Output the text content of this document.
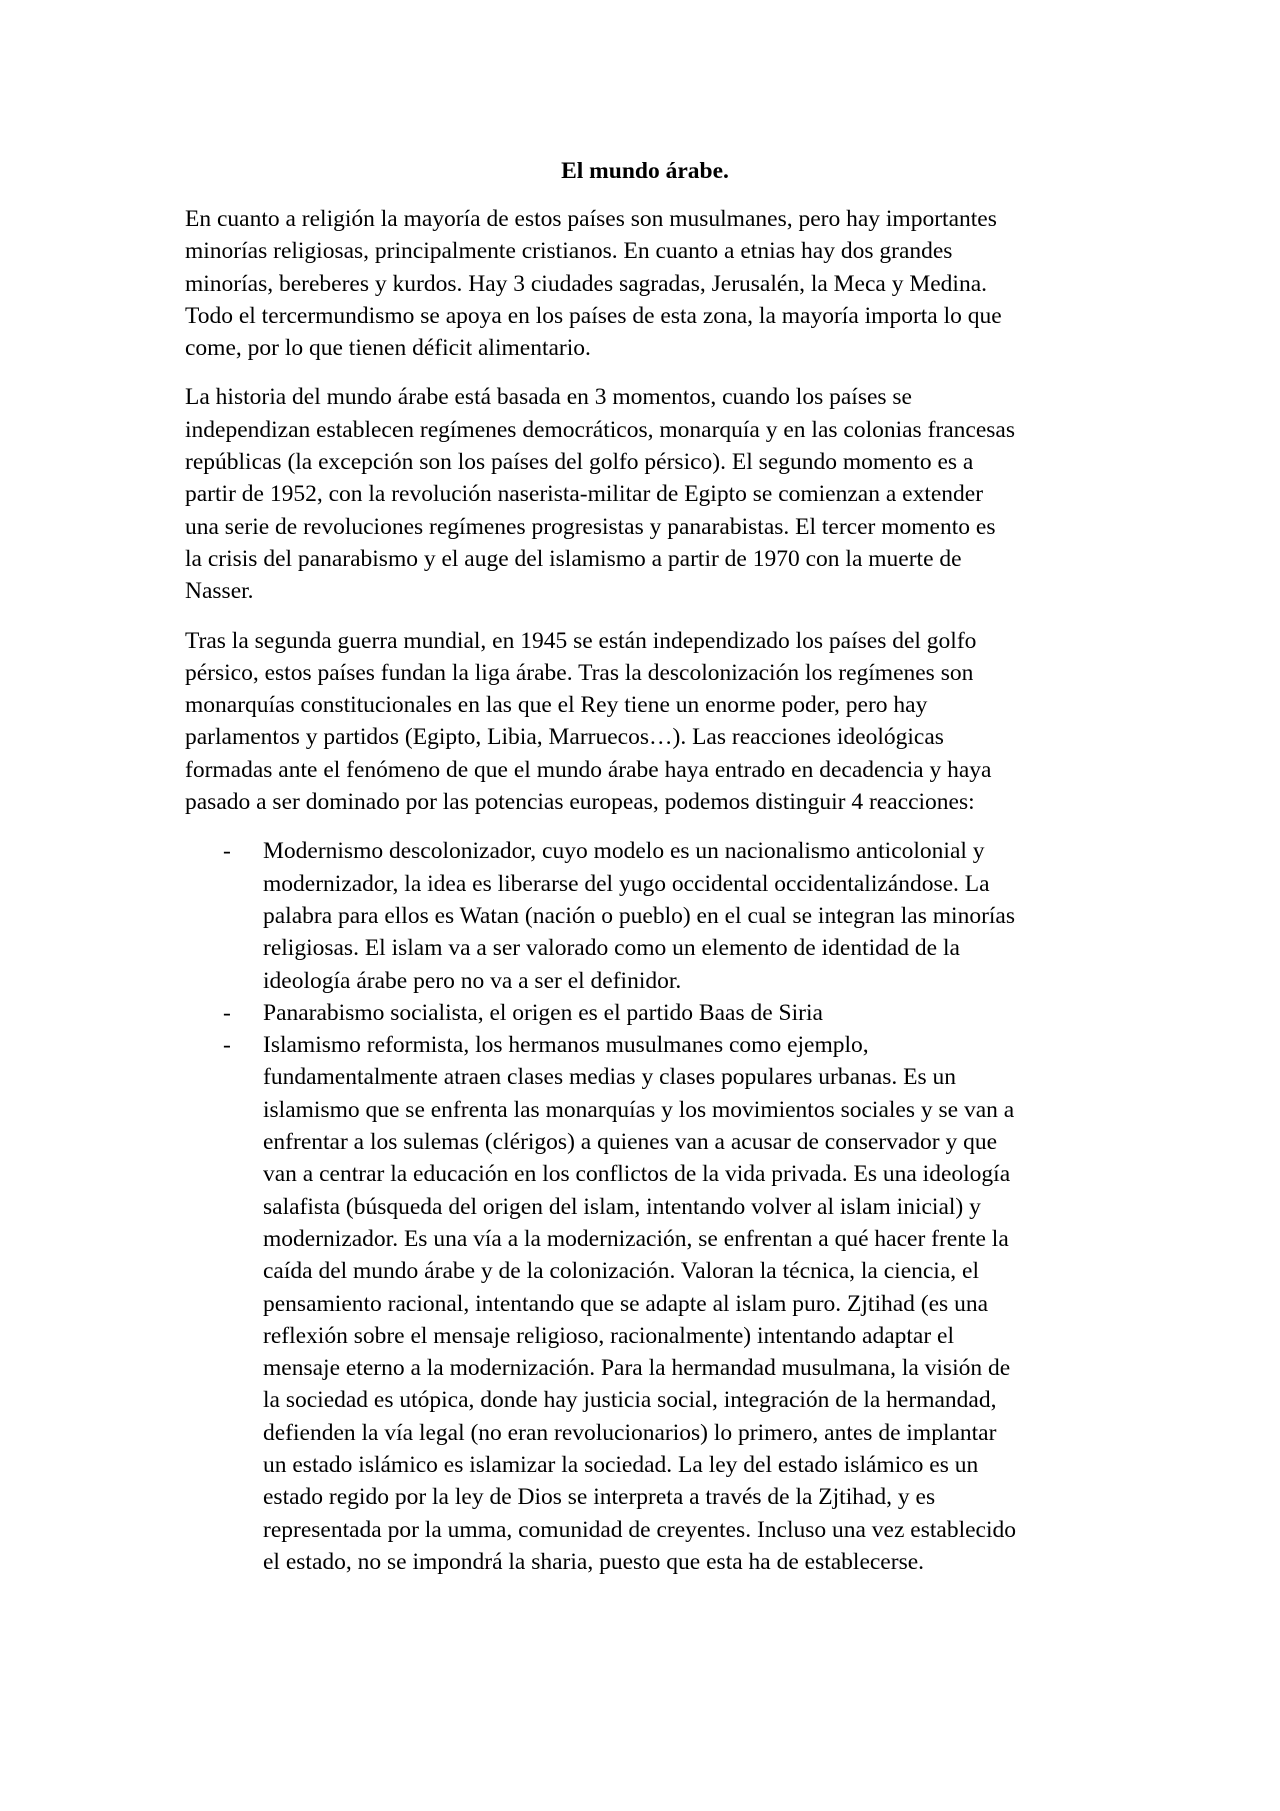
El mundo árabe.
En cuanto a religión la mayoría de estos países son musulmanes, pero hay importantes
minorías religiosas, principalmente cristianos. En cuanto a etnias hay dos grandes
minorías, bereberes y kurdos. Hay 3 ciudades sagradas, Jerusalén, la Meca y Medina.
Todo el tercermundismo se apoya en los países de esta zona, la mayoría importa lo que
come, por lo que tienen déficit alimentario.
La historia del mundo árabe está basada en 3 momentos, cuando los países se
independizan establecen regímenes democráticos, monarquía y en las colonias francesas
repúblicas (la excepción son los países del golfo pérsico). El segundo momento es a
partir de 1952, con la revolución naserista-militar de Egipto se comienzan a extender
una serie de revoluciones regímenes progresistas y panarabistas. El tercer momento es
la crisis del panarabismo y el auge del islamismo a partir de 1970 con la muerte de
Nasser.
Tras la segunda guerra mundial, en 1945 se están independizado los países del golfo
pérsico, estos países fundan la liga árabe. Tras la descolonización los regímenes son
monarquías constitucionales en las que el Rey tiene un enorme poder, pero hay
parlamentos y partidos (Egipto, Libia, Marruecos…). Las reacciones ideológicas
formadas ante el fenómeno de que el mundo árabe haya entrado en decadencia y haya
pasado a ser dominado por las potencias europeas, podemos distinguir 4 reacciones:
- Modernismo descolonizador, cuyo modelo es un nacionalismo anticolonial y
modernizador, la idea es liberarse del yugo occidental occidentalizándose. La
palabra para ellos es Watan (nación o pueblo) en el cual se integran las minorías
religiosas. El islam va a ser valorado como un elemento de identidad de la
ideología árabe pero no va a ser el definidor.
- Panarabismo socialista, el origen es el partido Baas de Siria
- Islamismo reformista, los hermanos musulmanes como ejemplo,
fundamentalmente atraen clases medias y clases populares urbanas. Es un
islamismo que se enfrenta las monarquías y los movimientos sociales y se van a
enfrentar a los sulemas (clérigos) a quienes van a acusar de conservador y que
van a centrar la educación en los conflictos de la vida privada. Es una ideología
salafista (búsqueda del origen del islam, intentando volver al islam inicial) y
modernizador. Es una vía a la modernización, se enfrentan a qué hacer frente la
caída del mundo árabe y de la colonización. Valoran la técnica, la ciencia, el
pensamiento racional, intentando que se adapte al islam puro. Zjtihad (es una
reflexión sobre el mensaje religioso, racionalmente) intentando adaptar el
mensaje eterno a la modernización. Para la hermandad musulmana, la visión de
la sociedad es utópica, donde hay justicia social, integración de la hermandad,
defienden la vía legal (no eran revolucionarios) lo primero, antes de implantar
un estado islámico es islamizar la sociedad. La ley del estado islámico es un
estado regido por la ley de Dios se interpreta a través de la Zjtihad, y es
representada por la umma, comunidad de creyentes. Incluso una vez establecido
el estado, no se impondrá la sharia, puesto que esta ha de establecerse.
